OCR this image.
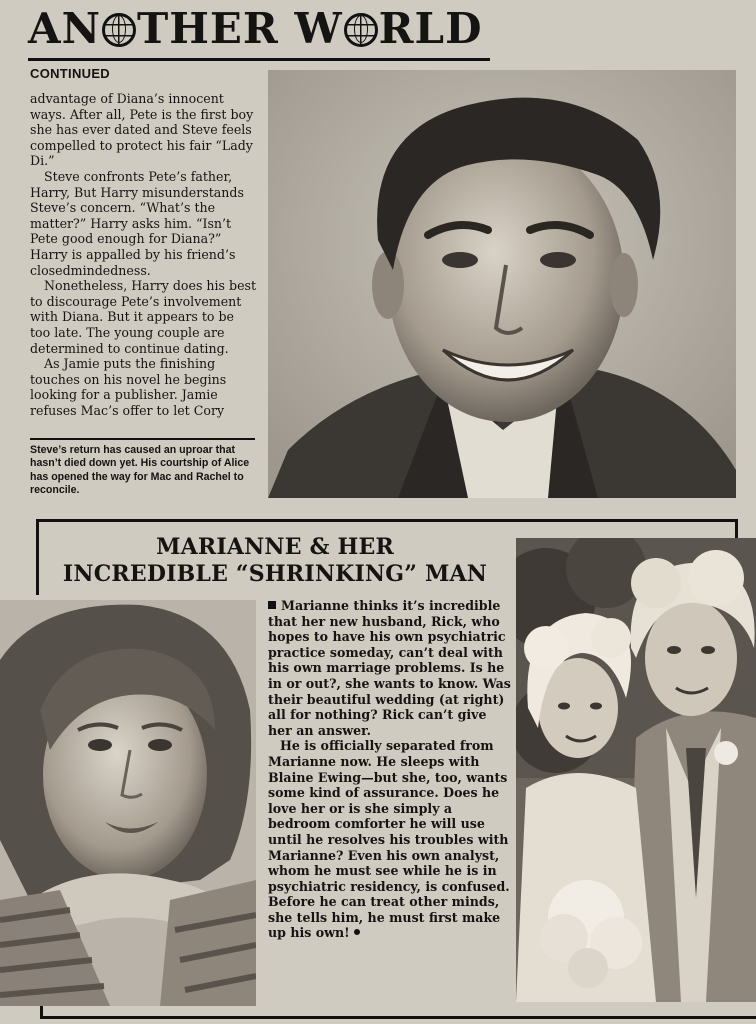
AN THER W RLD
CONTINUED

advantage of Diana’s innocent ways. After all, Pete is the first boy she has ever dated and Steve feels compelled to protect his fair “Lady Di.”

Steve confronts Pete’s father, Harry, But Harry misunderstands Steve’s concern. “What’s the matter?” Harry asks him. “Isn’t Pete good enough for Diana?” Harry is appalled by his friend’s closedmindedness.

Nonetheless, Harry does his best to discourage Pete’s involvement with Diana. But it appears to be too late. The young couple are determined to continue dating.

As Jamie puts the finishing touches on his novel he begins looking for a publisher. Jamie refuses Mac’s offer to let Cory

Steve’s return has caused an uproar that hasn’t died down yet. His courtship of Alice has opened the way for Mac and Rachel to reconcile.
MARIANNE & HER
INCREDIBLE “SHRINKING” MAN

Marianne thinks it’s incredible that her new husband, Rick, who hopes to have his own psychiatric practice someday, can’t deal with his own marriage problems. Is he in or out?, she wants to know. Was their beautiful wedding (at right) all for nothing? Rick can’t give her an answer.

He is officially separated from Marianne now. He sleeps with Blaine Ewing—but she, too, wants some kind of assurance. Does he love her or is she simply a bedroom comforter he will use until he resolves his troubles with Marianne? Even his own analyst, whom he must see while he is in psychiatric residency, is confused. Before he can treat other minds, she tells him, he must first make up his own!
